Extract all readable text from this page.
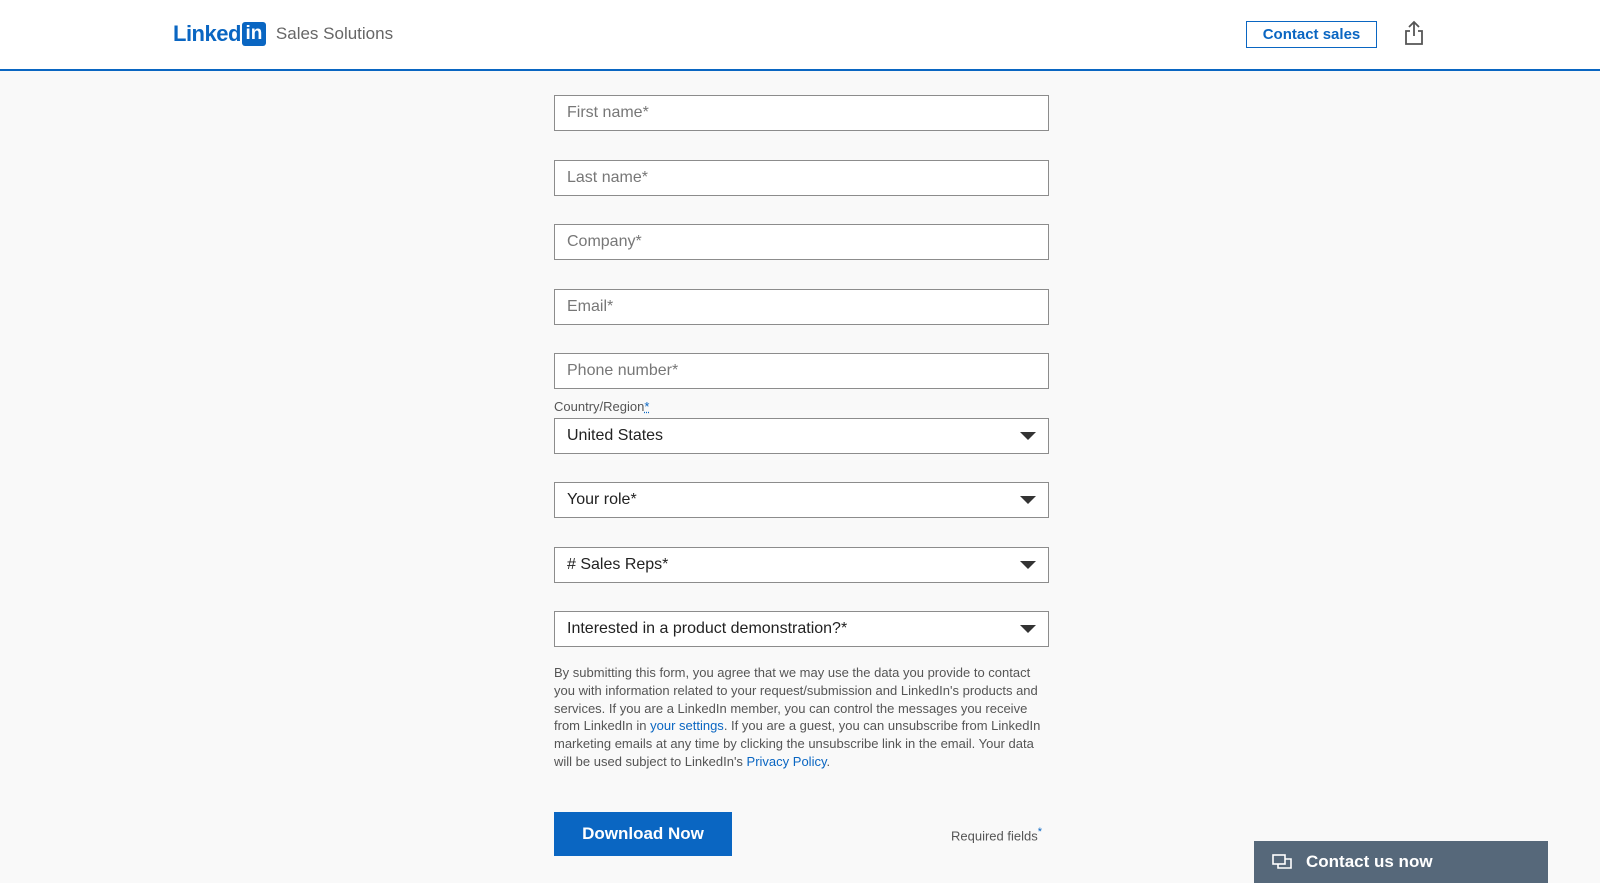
Linked in Sales Solutions	Contact sales
First name*
Last name*
Company*
Email*
Phone number*
Country/Region*
United States
Your role*
# Sales Reps*
Interested in a product demonstration?*

By submitting this form, you agree that we may use the data you provide to contact you with information related to your request/submission and LinkedIn's products and services. If you are a LinkedIn member, you can control the messages you receive from LinkedIn in your settings. If you are a guest, you can unsubscribe from LinkedIn marketing emails at any time by clicking the unsubscribe link in the email. Your data will be used subject to LinkedIn's Privacy Policy.

Download Now	Required fields*
Contact us now
